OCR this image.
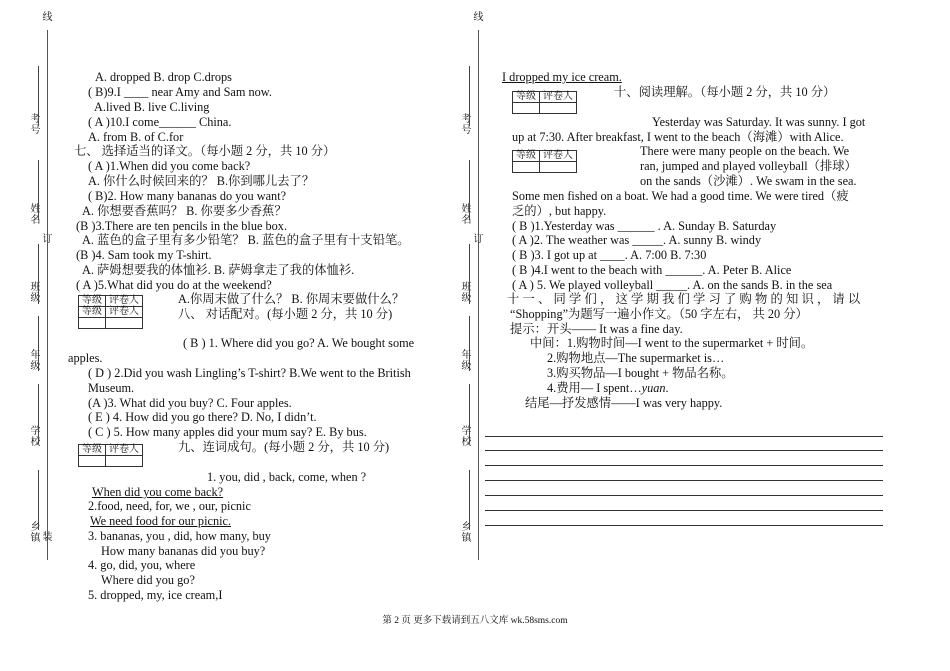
线
考号
姓名
订
班级
年级
学校
乡镇 装
线
考号
姓名
订
班级
年级
学校
乡镇
A. dropped B. drop C.drops
( B)9.I ____ near Amy and Sam now.
A.lived B. live C.living
( A )10.I come______ China.
A. from B. of C.for
七、 选择适当的译文。（每小题 2 分，共 10 分）
( A )1.When did you come back?
A. 你什么时候回来的？ B.你到哪儿去了？
( B)2. How many bananas do you want?
A. 你想要香蕉吗？ B. 你要多少香蕉？
(B )3.There are ten pencils in the blue box.
A. 蓝色的盒子里有多少铅笔？ B. 蓝色的盒子里有十支铅笔。
(B )4. Sam took my T-shirt.
A. 萨姆想要我的体恤衫. B. 萨姆拿走了我的体恤衫.
( A )5.What did you do at the weekend?
等级	评卷人
等级	评卷人

A.你周末做了什么？ B. 你周末要做什么？
八、 对话配对。(每小题 2 分，共 10 分)
( B ) 1. Where did you go? A. We bought some
apples.
( D ) 2.Did you wash Lingling’s T-shirt? B.We went to the British
Museum.
(A )3. What did you buy? C. Four apples.
( E ) 4. How did you go there? D. No, I didn’t.
( C ) 5. How many apples did your mum say? E. By bus.
等级	评卷人
		九、连词成句。(每小题 2 分，共 10 分)
1. you, did , back, come, when ?
When did you come back?
2.food, need, for, we , our, picnic
We need food for our picnic.
3. bananas, you , did, how many, buy
How many bananas did you buy?
4. go, did, you, where
Where did you go?
5. dropped, my, ice cream,I
I dropped my ice cream.
等级	评卷人
		十、阅读理解。（每小题 2 分，共 10 分）
Yesterday was Saturday. It was sunny. I got
up at 7:30. After breakfast, I went to the beach（海滩）with Alice.
等级	评卷人
		There were many people on the beach. We
ran, jumped and played volleyball（排球）
on the sands（沙滩）. We swam in the sea.
Some men fished on a boat. We had a good time. We were tired（疲
乏的）, but happy.
( B )1.Yesterday was ______ . A. Sunday B. Saturday
( A )2. The weather was _____. A. sunny B. windy
( B )3. I got up at ____. A. 7:00 B. 7:30
( B )4.I went to the beach with ______. A. Peter B. Alice
( A ) 5. We played volleyball _____. A. on the sands B. in the sea
十一、同学们，这学期我们学习了购物的知识，请以
“Shopping”为题写一遍小作文。（50 字左右， 共 20 分）
提示：开头—— It was a fine day.
中间：1.购物时间—I went to the supermarket + 时间。
2.购物地点—The supermarket is…
3.购买物品—I bought + 物品名称。
4.费用— I spent…yuan.
结尾—抒发感情——I was very happy.
第 2 页 更多下载请到五八文库 wk.58sms.com
